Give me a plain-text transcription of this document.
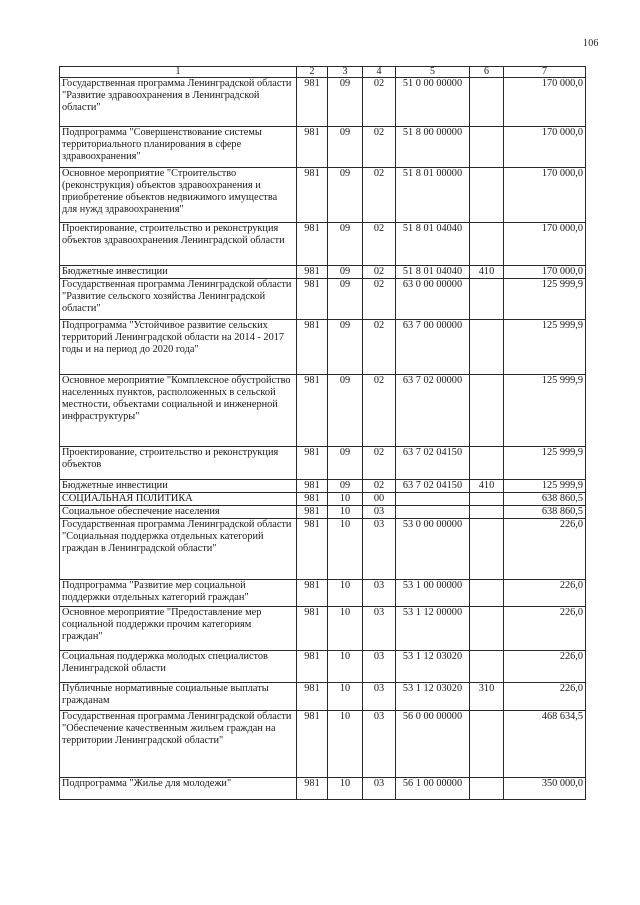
106
1	2	3	4	5	6	7
Государственная программа Ленинградской области "Развитие здравоохранения в Ленинградской области"	981	09	02	51 0 00 00000		170 000,0
Подпрограмма "Совершенствование системы территориального планирования в сфере здравоохранения"	981	09	02	51 8 00 00000		170 000,0
Основное мероприятие "Строительство (реконструкция) объектов здравоохранения и приобретение объектов недвижимого имущества для нужд здравоохранения"	981	09	02	51 8 01 00000		170 000,0
Проектирование, строительство и реконструкция объектов здравоохранения Ленинградской области	981	09	02	51 8 01 04040		170 000,0
Бюджетные инвестиции	981	09	02	51 8 01 04040	410	170 000,0
Государственная программа Ленинградской области "Развитие сельского хозяйства Ленинградской области"	981	09	02	63 0 00 00000		125 999,9
Подпрограмма "Устойчивое развитие сельских территорий Ленинградской области на 2014 - 2017 годы и на период до 2020 года"	981	09	02	63 7 00 00000		125 999,9
Основное мероприятие "Комплексное обустройство населенных пунктов, расположенных в сельской местности, объектами социальной и инженерной инфраструктуры"	981	09	02	63 7 02 00000		125 999,9
Проектирование, строительство и реконструкция объектов	981	09	02	63 7 02 04150		125 999,9
Бюджетные инвестиции	981	09	02	63 7 02 04150	410	125 999,9
СОЦИАЛЬНАЯ ПОЛИТИКА	981	10	00			638 860,5
Социальное обеспечение населения	981	10	03			638 860,5
Государственная программа Ленинградской области "Социальная поддержка отдельных категорий граждан в Ленинградской области"	981	10	03	53 0 00 00000		226,0
Подпрограмма "Развитие мер социальной поддержки отдельных категорий граждан"	981	10	03	53 1 00 00000		226,0
Основное мероприятие "Предоставление мер социальной поддержки прочим категориям граждан"	981	10	03	53 1 12 00000		226,0
Социальная поддержка молодых специалистов Ленинградской области	981	10	03	53 1 12 03020		226,0
Публичные нормативные социальные выплаты гражданам	981	10	03	53 1 12 03020	310	226,0
Государственная программа Ленинградской области "Обеспечение качественным жильем граждан на территории Ленинградской области"	981	10	03	56 0 00 00000		468 634,5
Подпрограмма "Жилье для молодежи"	981	10	03	56 1 00 00000		350 000,0
